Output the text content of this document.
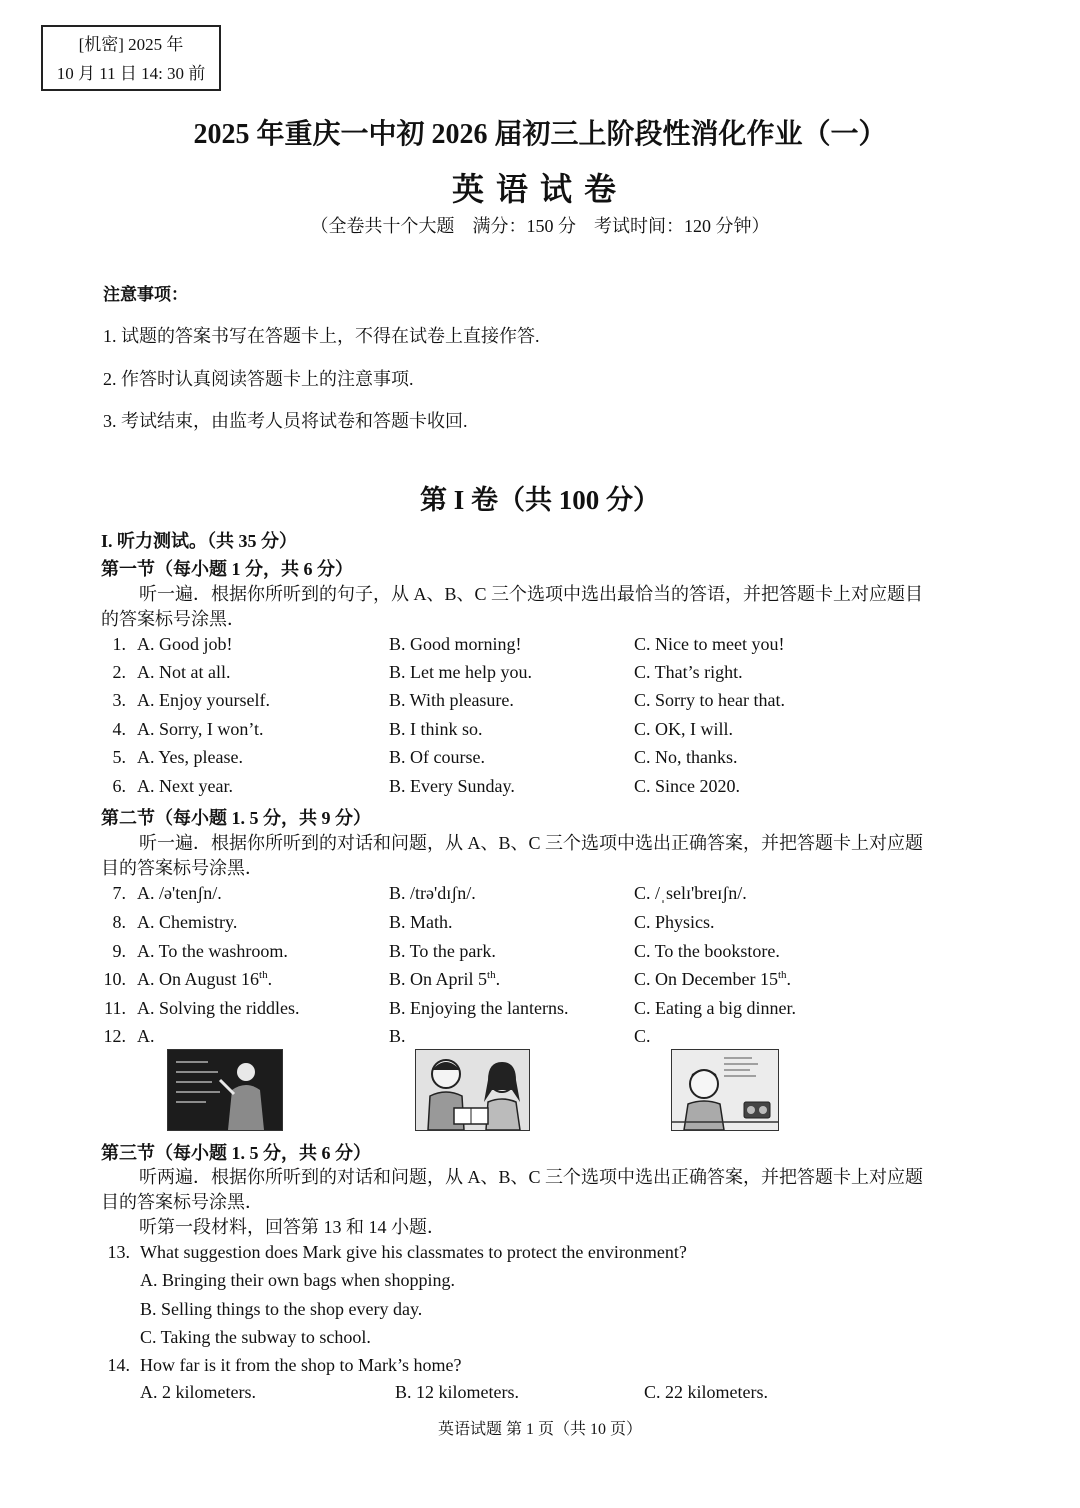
[机密] 2025 年
10 月 11 日 14: 30 前
2025 年重庆一中初 2026 届初三上阶段性消化作业（一）
英语试卷
（全卷共十个大题　满分：150 分　考试时间：120 分钟）
注意事项：
1. 试题的答案书写在答题卡上，不得在试卷上直接作答.
2. 作答时认真阅读答题卡上的注意事项.
3. 考试结束，由监考人员将试卷和答题卡收回.
第 I 卷（共 100 分）
I. 听力测试。（共 35 分）
第一节（每小题 1 分，共 6 分）
听一遍．根据你所听到的句子，从 A、B、C 三个选项中选出最恰当的答语，并把答题卡上对应题目
的答案标号涂黑．
1. A. Good job!	B. Good morning!	C. Nice to meet you!
2. A. Not at all.	B. Let me help you.	C. That’s right.
3. A. Enjoy yourself.	B. With pleasure.	C. Sorry to hear that.
4. A. Sorry, I won’t.	B. I think so.	C. OK, I will.
5. A. Yes, please.	B. Of course.	C. No, thanks.
6. A. Next year.	B. Every Sunday.	C. Since 2020.
第二节（每小题 1. 5 分，共 9 分）
听一遍．根据你所听到的对话和问题，从 A、B、C 三个选项中选出正确答案，并把答题卡上对应题
目的答案标号涂黑．
7. A. /ə'tenʃn/.	B. /trə'dɪʃn/.	C. /ˌselɪ'breɪʃn/.
8. A. Chemistry.	B. Math.	C. Physics.
9. A. To the washroom.	B. To the park.	C. To the bookstore.
10. A. On August 16th.	B. On April 5th.	C. On December 15th.
11. A. Solving the riddles.	B. Enjoying the lanterns.	C. Eating a big dinner.
12. A.	B.	C.
第三节（每小题 1. 5 分，共 6 分）
听两遍．根据你所听到的对话和问题，从 A、B、C 三个选项中选出正确答案，并把答题卡上对应题
目的答案标号涂黑．
听第一段材料，回答第 13 和 14 小题．
13. What suggestion does Mark give his classmates to protect the environment?
A. Bringing their own bags when shopping.
B. Selling things to the shop every day.
C. Taking the subway to school.
14. How far is it from the shop to Mark’s home?
A. 2 kilometers.	B. 12 kilometers.	C. 22 kilometers.
英语试题 第 1 页（共 10 页）
